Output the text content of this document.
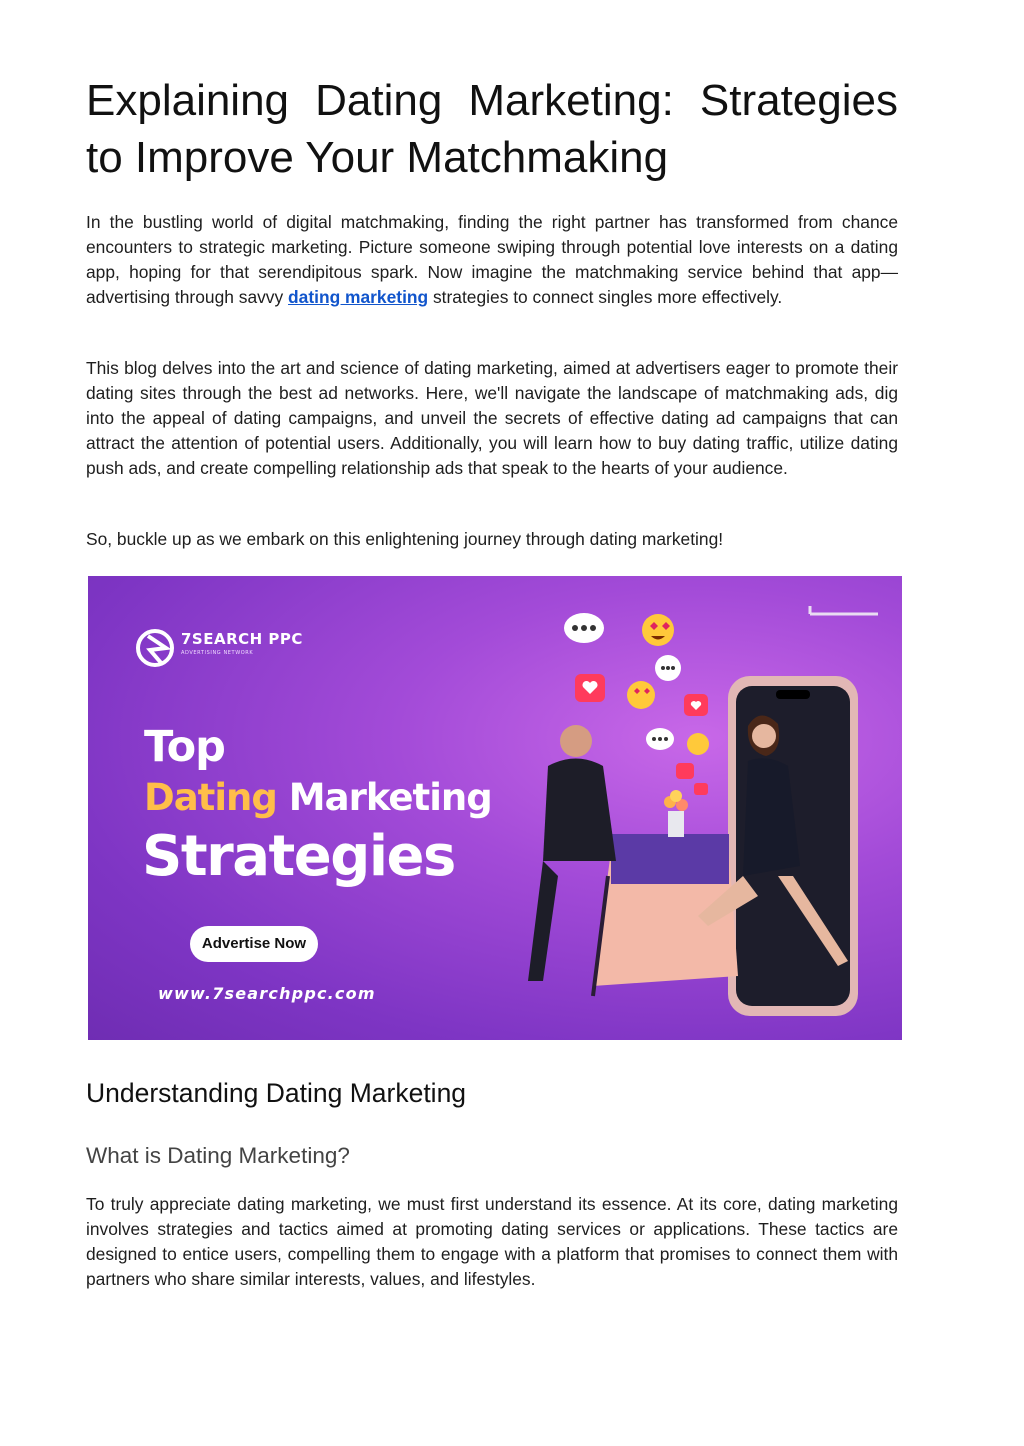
Explaining Dating Marketing: Strategies to Improve Your Matchmaking

In the bustling world of digital matchmaking, finding the right partner has transformed from chance encounters to strategic marketing. Picture someone swiping through potential love interests on a dating app, hoping for that serendipitous spark. Now imagine the matchmaking service behind that app—advertising through savvy dating marketing strategies to connect singles more effectively.

This blog delves into the art and science of dating marketing, aimed at advertisers eager to promote their dating sites through the best ad networks. Here, we'll navigate the landscape of matchmaking ads, dig into the appeal of dating campaigns, and unveil the secrets of effective dating ad campaigns that can attract the attention of potential users. Additionally, you will learn how to buy dating traffic, utilize dating push ads, and create compelling relationship ads that speak to the hearts of your audience.

So, buckle up as we embark on this enlightening journey through dating marketing!

Understanding Dating Marketing
What is Dating Marketing?

To truly appreciate dating marketing, we must first understand its essence. At its core, dating marketing involves strategies and tactics aimed at promoting dating services or applications. These tactics are designed to entice users, compelling them to engage with a platform that promises to connect them with partners who share similar interests, values, and lifestyles.

7SEARCH PPC
ADVERTISING NETWORK
Top
Dating Marketing
Strategies
Advertise Now
www.7searchppc.com
